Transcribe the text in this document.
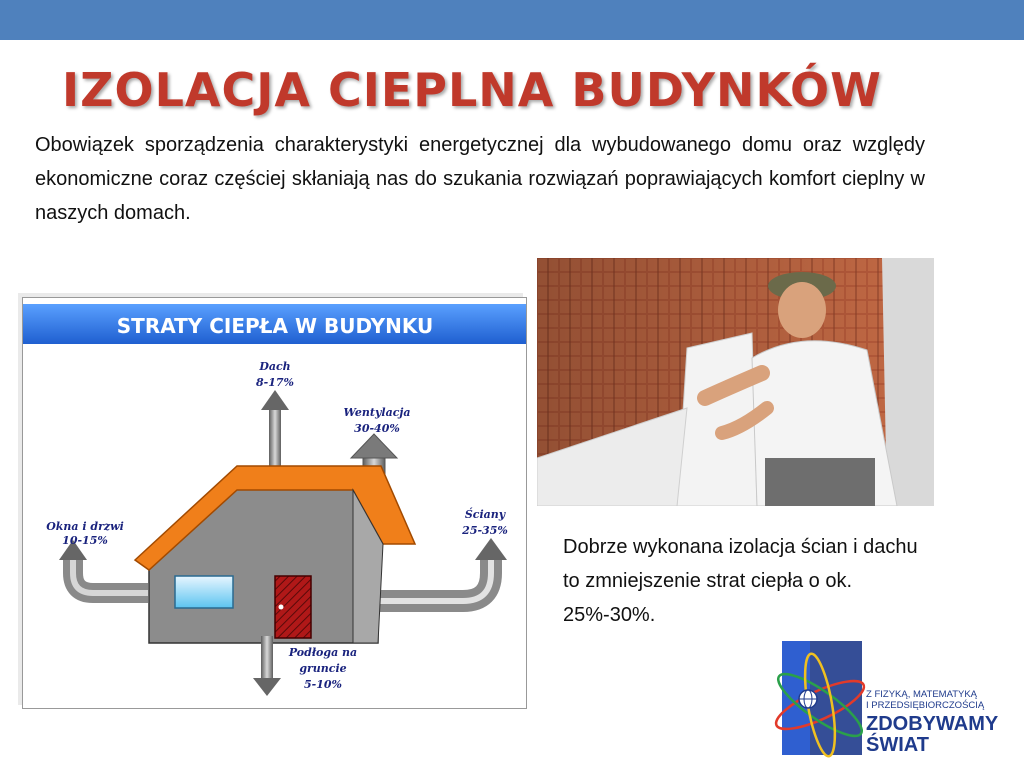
IZOLACJA CIEPLNA BUDYNKÓW

Obowiązek sporządzenia charakterystyki energetycznej dla wybudowanego domu oraz względy ekonomiczne coraz częściej skłaniają nas do szukania rozwiązań poprawiających komfort cieplny w naszych domach.

STRATY CIEPŁA W BUDYNKU
Dach
8-17%
Wentylacja
30-40%
Okna i drzwi
10-15%
Ściany
25-35%
Podłoga na
gruncie
5-10%

Dobrze wykonana izolacja ścian i dachu to zmniejszenie strat ciepła o ok. 25%-30%.

Z FIZYKĄ, MATEMATYKĄ
I PRZEDSIĘBIORCZOŚCIĄ
ZDOBYWAMY
ŚWIAT
